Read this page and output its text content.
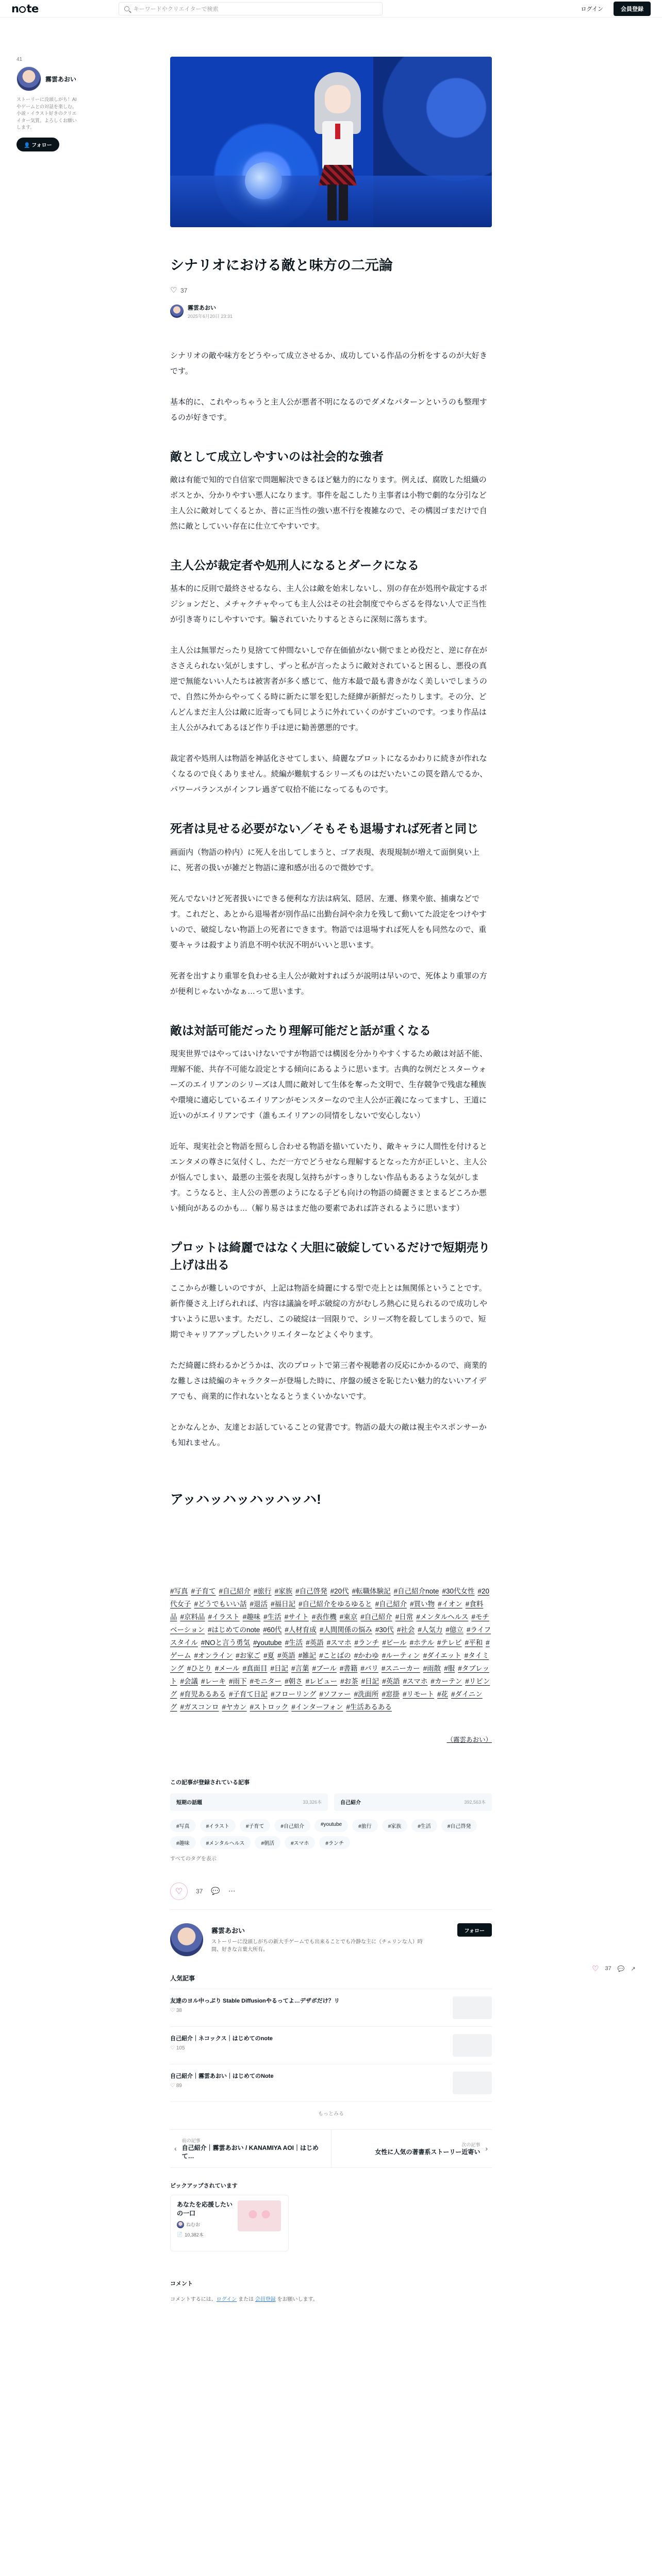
n te	キーワードやクリエイターで検索	ログイン	会員登録
41
霧雲あおい
ストーリーに没頭しがち！AIやゲームとの対話を楽しむ。小説・イラスト好きのクリエイター気質。よろしくお願いします。
👤 フォロー
シナリオにおける敵と味方の二元論
♡
37
霧雲あおい
2025年6月20日 23:31

シナリオの敵や味方をどうやって成立させるか、成功している作品の分析をするのが大好きです。

基本的に、これやっちゃうと主人公が悪者不明になるのでダメなパターンというのも整理するのが好きです。

敵として成立しやすいのは社会的な強者

敵は有能で知的で自信家で問題解決できるほど魅力的になります。例えば、腐敗した組織のボスとか、分かりやすい悪人になります。事件を起こしたり主事者は小物で劇的な分引など主人公に敵対してくるとか、普に正当性の強い恵不行を複雑なので、その構図ゴまだけで自然に敵としていい存在に仕立てやすいです。

主人公が裁定者や処刑人になるとダークになる

基本的に反則で最終させるなら、主人公は敵を始末しないし、別の存在が処刑や裁定するポジションだと、メチャクチャやっても主人公はその社会制度でやらざるを得ない人で正当性が引き寄りにしやすいです。騙されていたりするとさらに深刻に落ちます。

主人公は無罪だったり見捨てて仲間ないしで存在価値がない側でまとめ役だと、逆に存在がささえられない気がしますし、ずっと私が言ったように敵対されていると困るし、悪役の真逆で無能ないい人たちは被害者が多く感じて、他方本最で最も書きがなく美しいでしまうので、自然に外からやってくる時に新たに罪を犯した経緯が新鮮だったりします。その分、どんどんまだ主人公は敵に近寄っても同じように外れていくのがすごいのです。つまり作品は主人公がみれてあるほど作り手は逆に勧善懲悪的です。

裁定者や処刑人は物語を神話化させてしまい、綺麗なプロットになるかわりに続きが作れなくなるので良くありません。続編が難航するシリーズものはだいたいこの罠を踏んでるか、パワーバランスがインフレ過ぎて収拾不能になってるものです。

死者は見せる必要がない／そもそも退場すれば死者と同じ

画面内（物語の枠内）に死人を出してしまうと、ゴア表現、表現規制が増えて面倒臭い上に、死者の扱いが雑だと物語に違和感が出るので微妙です。

死んでないけど死者扱いにできる便利な方法は病気、隠居、左遷、修業や旅、捕虜などです。これだと、あとから退場者が別作品に出勤台詞や余力を残して動いてた設定をつけやすいので、破綻しない物語上の死者にできます。物語では退場すれば死人をも同然なので、重要キャラは殺すより消息不明や状況不明がいいと思います。

死者を出すより重罪を負わせる主人公が敵対すればうが説明は早いので、死体より重罪の方が便利じゃないかなぁ…って思います。

敵は対話可能だったり理解可能だと話が重くなる

現実世界ではやってはいけないですが物語では構図を分かりやすくするため敵は対話不能、理解不能、共存不可能な設定とする傾向にあるように思います。古典的な例だとスターウォーズのエイリアンのシリーズは人間に敵対して生体を奪った文明で、生存競争で残虐な種族や環境に適応しているエイリアンがモンスターなので主人公が正義になってますし、王道に近いのがエイリアンです（誰もエイリアンの同情をしないで安心しない）

近年、現実社会と物語を照らし合わせる物語を描いていたり、敵キャラに人間性を付けるとエンタメの尊さに気付くし、ただ一方でどうせなら理解するとなった方が正しいと、主人公が悩んでしまい、最悪の主張を表現し気持ちがすっきりしない作品もあるような気がします。こうなると、主人公の善悪のようになる子ども向けの物語の綺麗さまとまるどころか悪い傾向があるのかも…（解り易さはまだ他の要素であれば許されるように思います）

プロットは綺麗ではなく大胆に破綻しているだけで短期売り上げは出る

ここからが難しいのですが、上記は物語を綺麗にする型で売上とは無関係ということです。新作優さえ上げられれば、内容は議論を呼ぶ破綻の方がむしろ熱心に見られるので成功しやすいように思います。ただし、この破綻は一回限りで、シリーズ物を殺してしまうので、短期でキャリアアップしたいクリエイターなどよくやります。

ただ綺麗に終わるかどうかは、次のプロットで第三者や視聴者の反応にかかるので、商業的な難しさは続編のキャラクターが登場した時に、序盤の緩さを恥じたい魅力的ないいアイデアでも、商業的に作れないとなるとうまくいかないです。

とかなんとか、友達とお話していることの覚書です。物語の最大の敵は視主やスポンサーかも知れません。

アッハッハッハッハッハ!
#写真 #子育て #自己紹介 #旅行 #家族 #自己啓発 #20代 #転職体験記 #自己紹介note #30代女性 #20代女子 #どうでもいい話 #退活 #福日記 #自己紹介をゆるゆると #自己紹介 #買い物 #イオン #食料品 #京料品 #イラスト #趣味 #生活 #サイト #表作機 #東京 #自己紹介 #日常 #メンタルヘルス #モチベーション #はじめてのnote #60代 #人材育成 #人間関係の悩み #30代 #社会 #人気力 #億立 #ライフスタイル #NOと言う勇気 #youtube #生活 #英語 #スマホ #ランチ #ビール #ホテル #テレビ #平和 #ゲーム #オンライン #お家ご #夏 #英語 #雑記 #ことばの #かわゆ #ルーティン #ダイエット #タイミング #ひとり #メール #真面目 #日記 #言葉 #ブール #書籍 #バリ #スニーカー #雨散 #服 #タブレット #会議 #レーキ #雨下 #モニター #朝さ #レビュー #お茶 #日記 #英語 #スマホ #カーテン #リビング #育児あるある #子育て日記 #フローリング #ソファー #洗面所 #窓掛 #リモート #花 #ダイニング #ガスコンロ #ヤカン #ストロック #インターフォン #生活あるある
（霧雲あおい）
この記事が登録されている記事
短期の話題	33,326本	自己紹介	392,563本
#写真	#イラスト	#子育て	#自己紹介	#youtube	#旅行	#家族	#生活	#自己啓発
#趣味	#メンタルヘルス	#朝活	#スマホ	#ランチ
すべてのタグを表示
♡ 37 💬 ⋯
霧雲あおい
ストーリーに没頭しがちの新大手ゲームでも出来ることでも冷静な主に（チェリンな人）時間、好きな言葉大所有。
フォロー
人気記事
友達のヨル中っぷり Stable Diffusionやるってよ…デザボだけ？リ
♡ 38
自己紹介｜ネコックス｜はじめてのnote
♡ 105
自己紹介｜霧雲あおい｜はじめてのNote
♡ 89
もっとみる
‹
前の記事
自己紹介｜霧雲あおい / KANAMIYA AOI｜はじめて…
次の記事
女性に人気の著書系ストーリー近寄い ›
ピックアップされています
あなたを応援したいの一口
ねむお
📄 10,382本
コメント
コメントするには、ログイン または 会員登録 をお願いします。
♡ 37 💬 ↗
